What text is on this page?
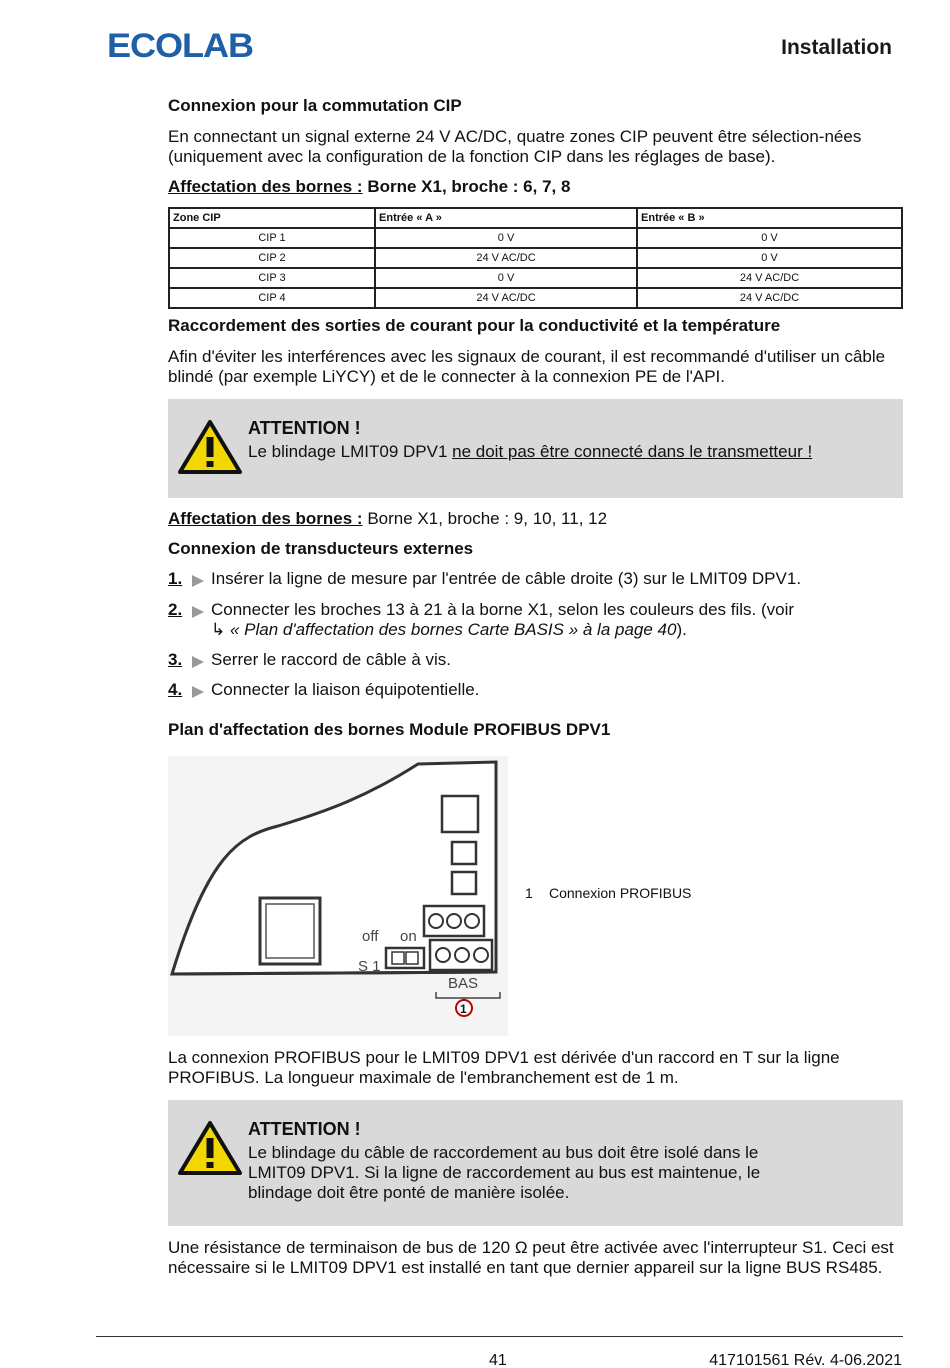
ECOLAB	Installation
Connexion pour la commutation CIP
En connectant un signal externe 24 V AC/DC, quatre zones CIP peuvent être sélection-nées (uniquement avec la configuration de la fonction CIP dans les réglages de base).
Affectation des bornes : Borne X1, broche : 6, 7, 8
Zone CIP	Entrée « A »	Entrée « B »
CIP 1	0 V	0 V
CIP 2	24 V AC/DC	0 V
CIP 3	0 V	24 V AC/DC
CIP 4	24 V AC/DC	24 V AC/DC
Raccordement des sorties de courant pour la conductivité et la température
Afin d'éviter les interférences avec les signaux de courant, il est recommandé d'utiliser un câble blindé (par exemple LiYCY) et de le connecter à la connexion PE de l'API.
ATTENTION !
Le blindage LMIT09 DPV1 ne doit pas être connecté dans le transmetteur !
Affectation des bornes : Borne X1, broche : 9, 10, 11, 12
Connexion de transducteurs externes
1. Insérer la ligne de mesure par l'entrée de câble droite (3) sur le LMIT09 DPV1.
2. Connecter les broches 13 à 21 à la borne X1, selon les couleurs des fils. (voir
↳ « Plan d'affectation des bornes Carte BASIS » à la page 40).
3. Serrer le raccord de câble à vis.
4. Connecter la liaison équipotentielle.
Plan d'affectation des bornes Module PROFIBUS DPV1
off on
S 1
BAS
1
1 Connexion PROFIBUS
La connexion PROFIBUS pour le LMIT09 DPV1 est dérivée d'un raccord en T sur la ligne PROFIBUS. La longueur maximale de l'embranchement est de 1 m.
ATTENTION !
Le blindage du câble de raccordement au bus doit être isolé dans le LMIT09 DPV1. Si la ligne de raccordement au bus est maintenue, le blindage doit être ponté de manière isolée.
Une résistance de terminaison de bus de 120 Ω peut être activée avec l'interrupteur S1. Ceci est nécessaire si le LMIT09 DPV1 est installé en tant que dernier appareil sur la ligne BUS RS485.
41	417101561 Rév. 4-06.2021
